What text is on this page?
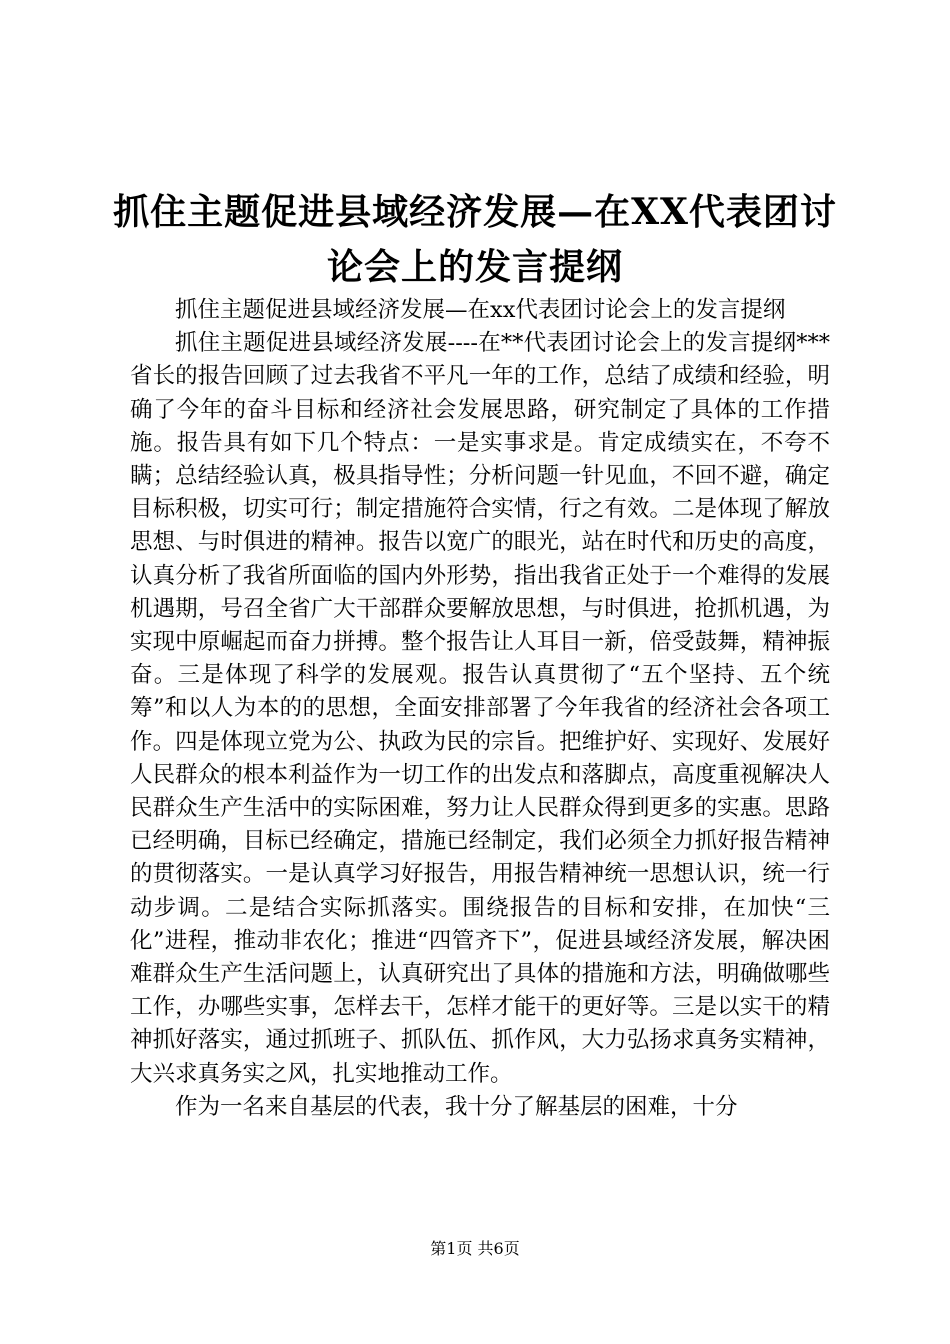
抓住主题促进县域经济发展—在XX代表团讨
论会上的发言提纲

抓住主题促进县域经济发展—在xx代表团讨论会上的发言提纲

抓住主题促进县域经济发展----在**代表团讨论会上的发言提纲***省长的报告回顾了过去我省不平凡一年的工作，总结了成绩和经验，明确了今年的奋斗目标和经济社会发展思路，研究制定了具体的工作措施。报告具有如下几个特点：一是实事求是。肯定成绩实在，不夸不瞒；总结经验认真，极具指导性；分析问题一针见血，不回不避，确定目标积极，切实可行；制定措施符合实情，行之有效。二是体现了解放思想、与时俱进的精神。报告以宽广的眼光，站在时代和历史的高度，认真分析了我省所面临的国内外形势，指出我省正处于一个难得的发展机遇期，号召全省广大干部群众要解放思想，与时俱进，抢抓机遇，为实现中原崛起而奋力拼搏。整个报告让人耳目一新，倍受鼓舞，精神振奋。三是体现了科学的发展观。报告认真贯彻了“五个坚持、五个统筹”和以人为本的的思想，全面安排部署了今年我省的经济社会各项工作。四是体现立党为公、执政为民的宗旨。把维护好、实现好、发展好人民群众的根本利益作为一切工作的出发点和落脚点，高度重视解决人民群众生产生活中的实际困难，努力让人民群众得到更多的实惠。思路已经明确，目标已经确定，措施已经制定，我们必须全力抓好报告精神的贯彻落实。一是认真学习好报告，用报告精神统一思想认识，统一行动步调。二是结合实际抓落实。围绕报告的目标和安排，在加快“三化”进程，推动非农化；推进“四管齐下”，促进县域经济发展，解决困难群众生产生活问题上，认真研究出了具体的措施和方法，明确做哪些工作，办哪些实事，怎样去干，怎样才能干的更好等。三是以实干的精神抓好落实，通过抓班子、抓队伍、抓作风，大力弘扬求真务实精神，大兴求真务实之风，扎实地推动工作。

作为一名来自基层的代表，我十分了解基层的困难，十分

第1页 共6页
